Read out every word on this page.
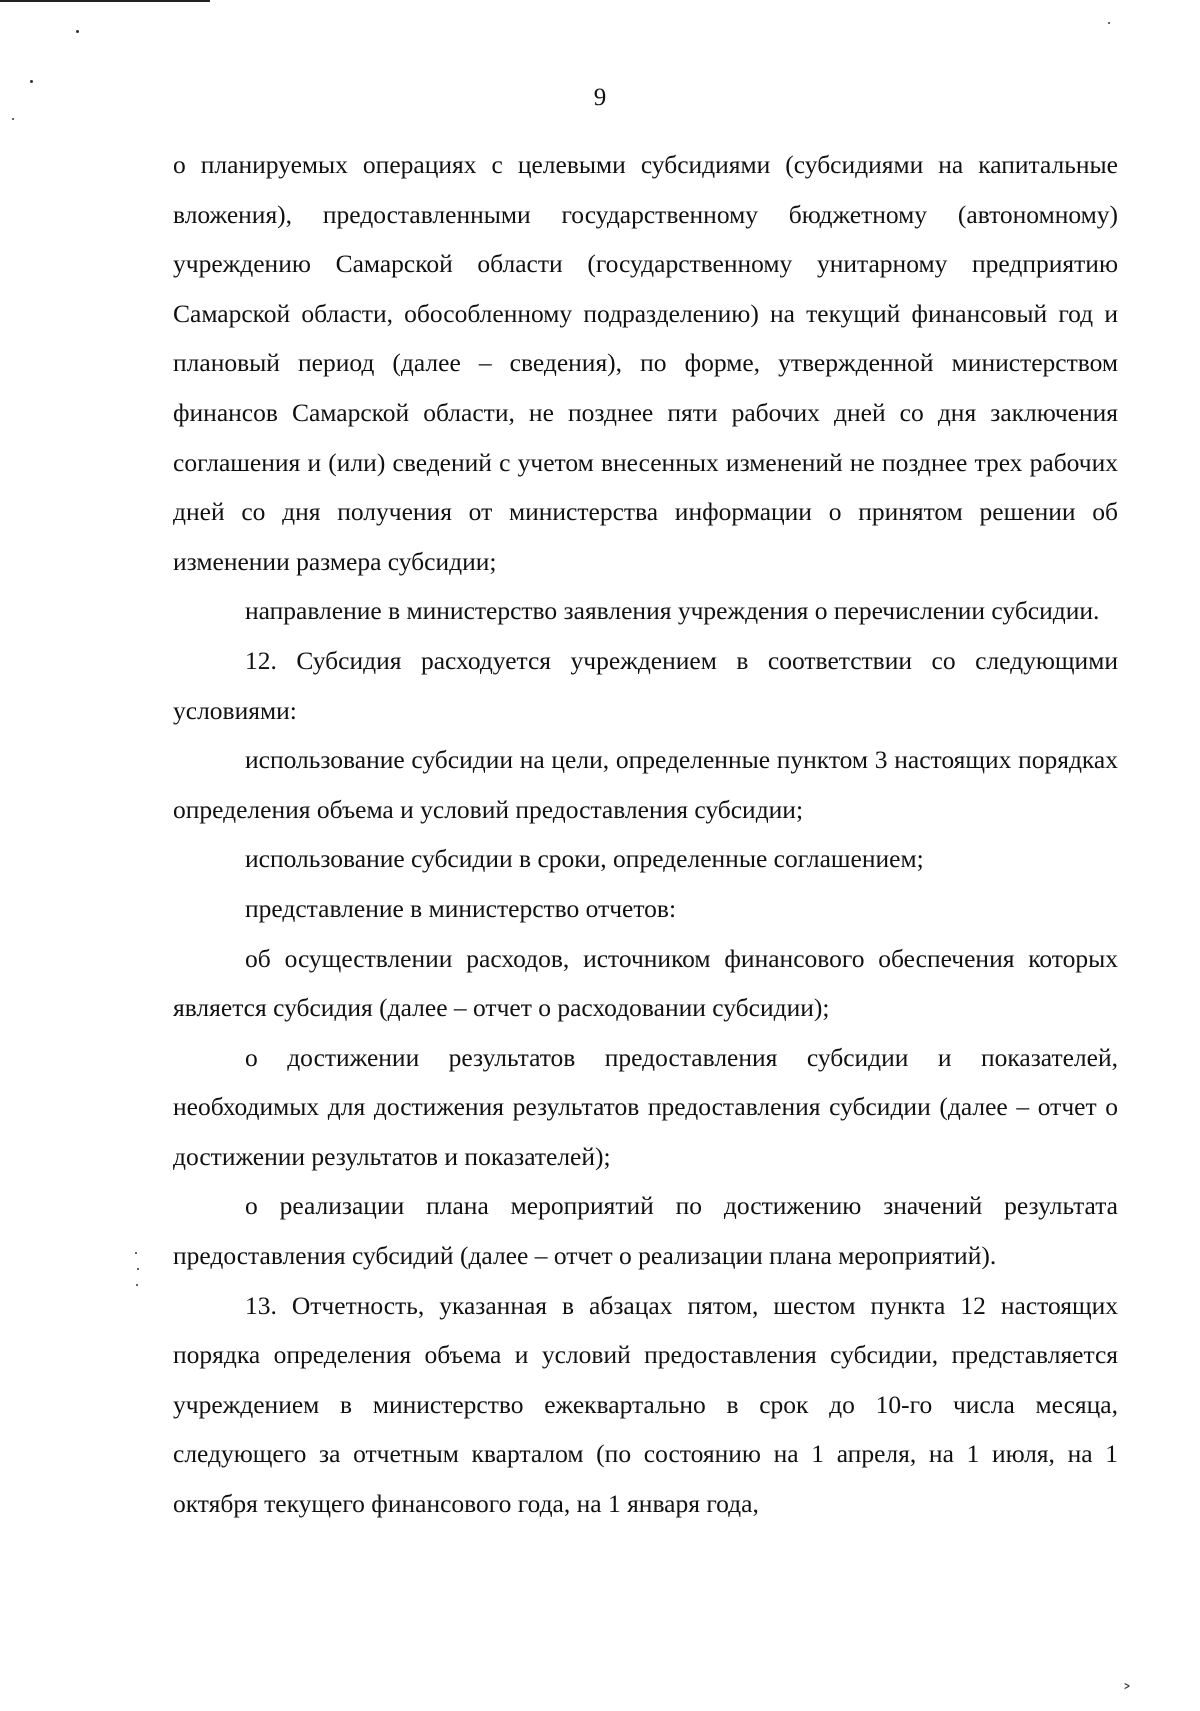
9

о планируемых операциях с целевыми субсидиями (субсидиями на капитальные вложения), предоставленными государственному бюджетному (автономному) учреждению Самарской области (государственному унитарному предприятию Самарской области, обособленному подразделению) на текущий финансовый год и плановый период (далее – сведения), по форме, утвержденной министерством финансов Самарской области, не позднее пяти рабочих дней со дня заключения соглашения и (или) сведений с учетом внесенных изменений не позднее трех рабочих дней со дня получения от министерства информации о принятом решении об изменении размера субсидии;

направление в министерство заявления учреждения о перечислении субсидии.

12. Субсидия расходуется учреждением в соответствии со следующими условиями:

использование субсидии на цели, определенные пунктом 3 настоящих порядках определения объема и условий предоставления субсидии;

использование субсидии в сроки, определенные соглашением;

представление в министерство отчетов:

об осуществлении расходов, источником финансового обеспечения которых является субсидия (далее – отчет о расходовании субсидии);

о достижении результатов предоставления субсидии и показателей, необходимых для достижения результатов предоставления субсидии (далее – отчет о достижении результатов и показателей);

о реализации плана мероприятий по достижению значений результата предоставления субсидий (далее – отчет о реализации плана мероприятий).

13. Отчетность, указанная в абзацах пятом, шестом пункта 12 настоящих порядка определения объема и условий предоставления субсидии, представляется учреждением в министерство ежеквартально в срок до 10-го числа месяца, следующего за отчетным кварталом (по состоянию на 1 апреля, на 1 июля, на 1 октября текущего финансового года, на 1 января года,

˃
